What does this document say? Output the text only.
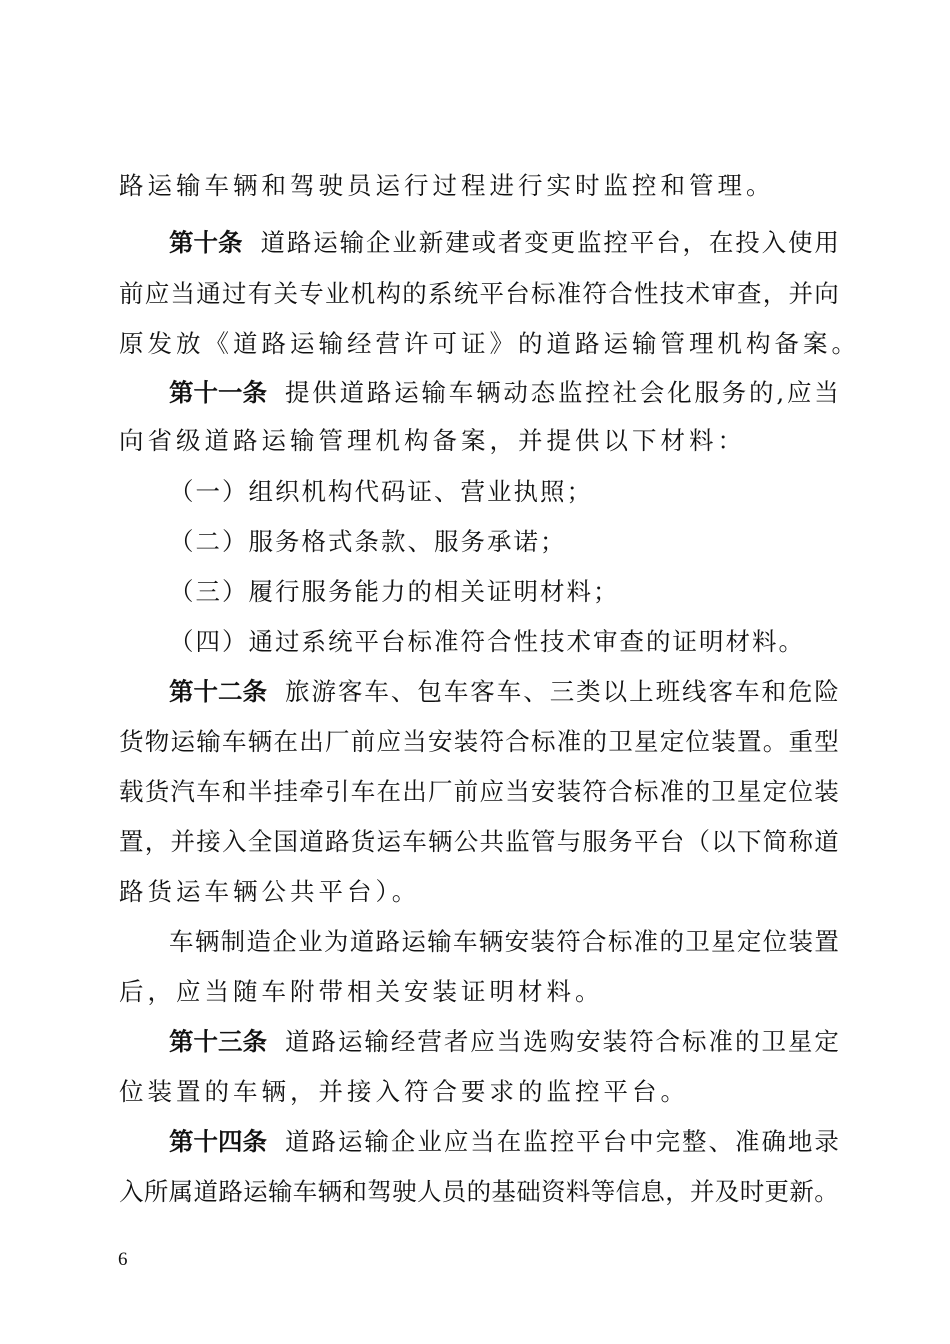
路运输车辆和驾驶员运行过程进行实时监控和管理。
第十条 道 路 运 输 企 业 新 建 或 者 变 更 监 控 平 台 ， 在 投 入 使 用
前 应 当 通 过 有 关 专 业 机 构 的 系 统 平 台 标 准 符 合 性 技 术 审 查 ， 并 向
原发放《道路运输经营许可证》的道路运输管理机构备案。
第十一条 提 供 道 路 运 输 车 辆 动 态 监 控 社 会 化 服 务 的 , 应 当
向省级道路运输管理机构备案，并提供以下材料：
（一）组织机构代码证、营业执照；
（二）服务格式条款、服务承诺；
（三）履行服务能力的相关证明材料；
（四）通过系统平台标准符合性技术审查的证明材料。
第十二条 旅 游 客 车 、 包 车 客 车 、 三 类 以 上 班 线 客 车 和 危 险
货 物 运 输 车 辆 在 出 厂 前 应 当 安 装 符 合 标 准 的 卫 星 定 位 装 置 。 重 型
载 货 汽 车 和 半 挂 牵 引 车 在 出 厂 前 应 当 安 装 符 合 标 准 的 卫 星 定 位 装
置 ， 并 接 入 全 国 道 路 货 运 车 辆 公 共 监 管 与 服 务 平 台 （ 以 下 简 称 道
路货运车辆公共平台）。
车 辆 制 造 企 业 为 道 路 运 输 车 辆 安 装 符 合 标 准 的 卫 星 定 位 装 置
后，应当随车附带相关安装证明材料。
第十三条 道 路 运 输 经 营 者 应 当 选 购 安 装 符 合 标 准 的 卫 星 定
位装置的车辆，并接入符合要求的监控平台。
第十四条 道 路 运 输 企 业 应 当 在 监 控 平 台 中 完 整 、 准 确 地 录
入 所 属 道 路 运 输 车 辆 和 驾 驶 人 员 的 基 础 资 料 等 信 息 ， 并 及 时 更 新 。
6
